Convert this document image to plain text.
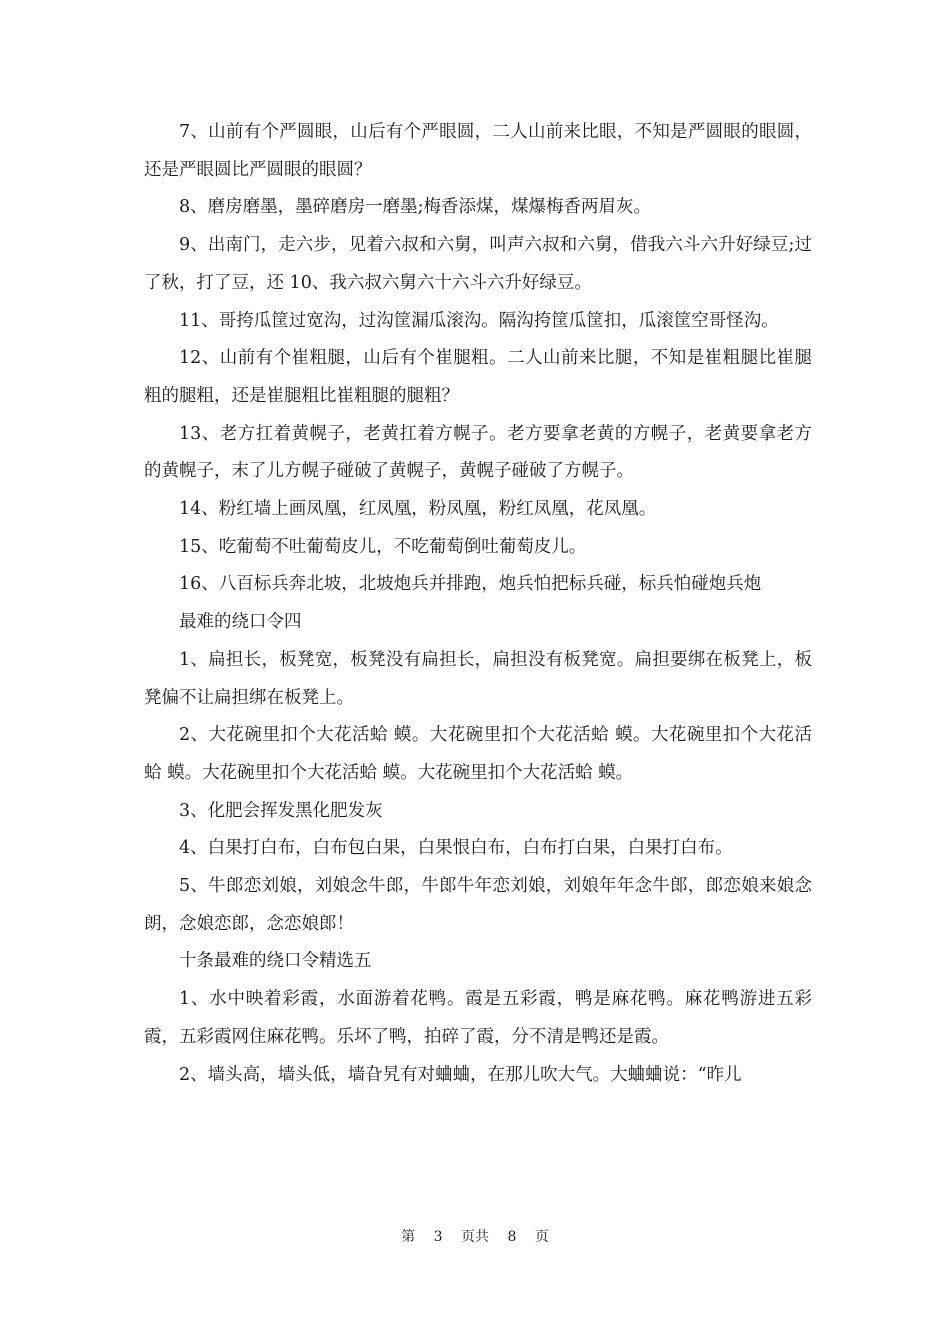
7、山前有个严圆眼，山后有个严眼圆，二人山前来比眼，不知是严圆眼的眼圆，还是严眼圆比严圆眼的眼圆？

8、磨房磨墨，墨碎磨房一磨墨;梅香添煤，煤爆梅香两眉灰。

9、出南门，走六步，见着六叔和六舅，叫声六叔和六舅，借我六斗六升好绿豆;过了秋，打了豆，还 10、我六叔六舅六十六斗六升好绿豆。

11、哥挎瓜筐过宽沟，过沟筐漏瓜滚沟。隔沟挎筐瓜筐扣，瓜滚筐空哥怪沟。

12、山前有个崔粗腿，山后有个崔腿粗。二人山前来比腿，不知是崔粗腿比崔腿粗的腿粗，还是崔腿粗比崔粗腿的腿粗？

13、老方扛着黄幌子，老黄扛着方幌子。老方要拿老黄的方幌子，老黄要拿老方的黄幌子，末了儿方幌子碰破了黄幌子，黄幌子碰破了方幌子。

14、粉红墙上画凤凰，红凤凰，粉凤凰，粉红凤凰，花凤凰。

15、吃葡萄不吐葡萄皮儿，不吃葡萄倒吐葡萄皮儿。

16、八百标兵奔北坡，北坡炮兵并排跑，炮兵怕把标兵碰，标兵怕碰炮兵炮

最难的绕口令四

1、扁担长，板凳宽，板凳没有扁担长，扁担没有板凳宽。扁担要绑在板凳上，板凳偏不让扁担绑在板凳上。

2、大花碗里扣个大花活蛤 蟆。大花碗里扣个大花活蛤 蟆。大花碗里扣个大花活蛤 蟆。大花碗里扣个大花活蛤 蟆。大花碗里扣个大花活蛤 蟆。

3、化肥会挥发黑化肥发灰

4、白果打白布，白布包白果，白果恨白布，白布打白果，白果打白布。

5、牛郎恋刘娘，刘娘念牛郎，牛郎牛年恋刘娘，刘娘年年念牛郎，郎恋娘来娘念朗，念娘恋郎，念恋娘郎！

十条最难的绕口令精选五

1、水中映着彩霞，水面游着花鸭。霞是五彩霞，鸭是麻花鸭。麻花鸭游进五彩霞，五彩霞网住麻花鸭。乐坏了鸭，拍碎了霞，分不清是鸭还是霞。

2、墙头高，墙头低，墙旮旯有对蛐蛐，在那儿吹大气。大蛐蛐说：“昨儿

第 3 页共 8 页
